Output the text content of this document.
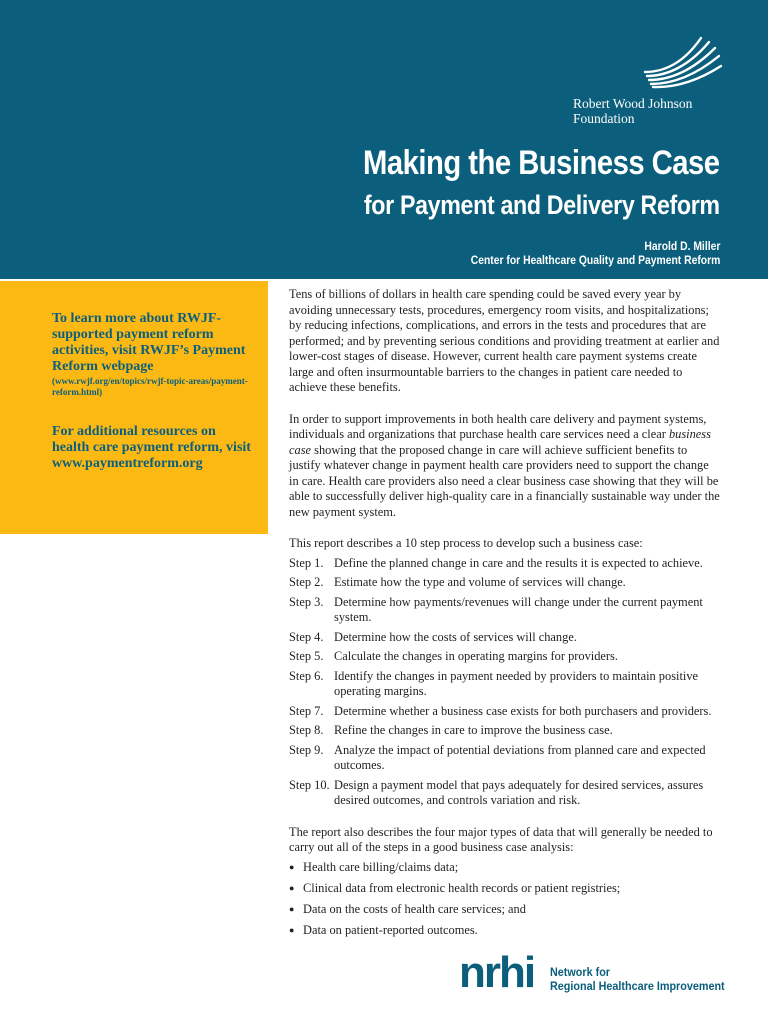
Robert Wood Johnson
Foundation
Making the Business Case
for Payment and Delivery Reform
Harold D. Miller
Center for Healthcare Quality and Payment Reform
To learn more about RWJF-supported payment reform activities, visit RWJF’s Payment Reform webpage
(www.rwjf.org/en/topics/rwjf-topic-areas/payment-reform.html)
For additional resources on health care payment reform, visit www.paymentreform.org

Tens of billions of dollars in health care spending could be saved every year by avoiding unnecessary tests, procedures, emergency room visits, and hospitalizations; by reducing infections, complications, and errors in the tests and procedures that are performed; and by preventing serious conditions and providing treatment at earlier and lower-cost stages of disease. However, current health care payment systems create large and often insurmountable barriers to the changes in patient care needed to achieve these benefits.

In order to support improvements in both health care delivery and payment systems, individuals and organizations that purchase health care services need a clear business case showing that the proposed change in care will achieve sufficient benefits to justify whatever change in payment health care providers need to support the change in care. Health care providers also need a clear business case showing that they will be able to successfully deliver high-quality care in a financially sustainable way under the new payment system.

This report describes a 10 step process to develop such a business case:

Step 1. Define the planned change in care and the results it is expected to achieve.
Step 2. Estimate how the type and volume of services will change.
Step 3. Determine how payments/revenues will change under the current payment system.
Step 4. Determine how the costs of services will change.
Step 5. Calculate the changes in operating margins for providers.
Step 6. Identify the changes in payment needed by providers to maintain positive operating margins.
Step 7. Determine whether a business case exists for both purchasers and providers.
Step 8. Refine the changes in care to improve the business case.
Step 9. Analyze the impact of potential deviations from planned care and expected outcomes.
Step 10. Design a payment model that pays adequately for desired services, assures desired outcomes, and controls variation and risk.

The report also describes the four major types of data that will generally be needed to carry out all of the steps in a good business case analysis:

● Health care billing/claims data;
● Clinical data from electronic health records or patient registries;
● Data on the costs of health care services; and
● Data on patient-reported outcomes.
nrhi Network for
Regional Healthcare Improvement
